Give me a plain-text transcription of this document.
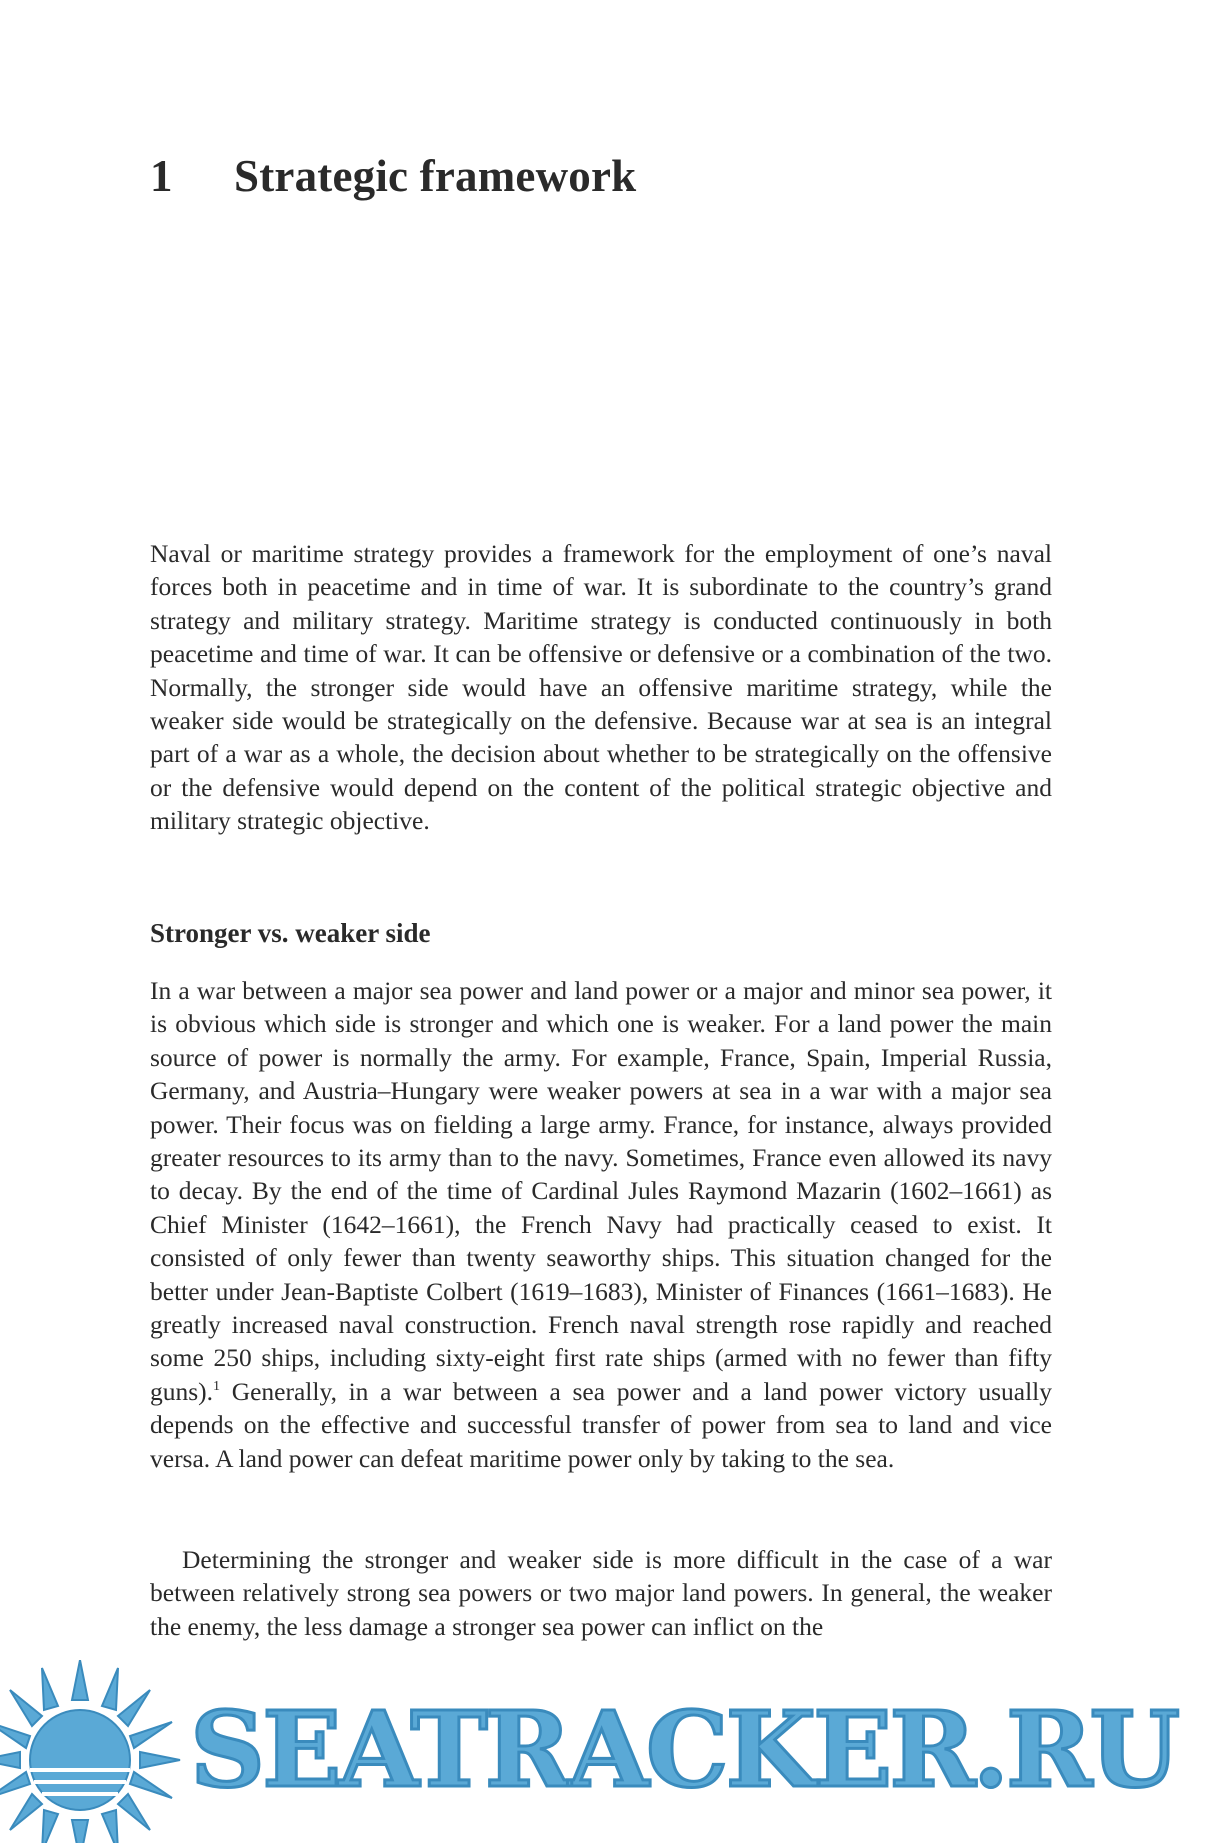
1 Strategic framework

Naval or maritime strategy provides a framework for the employment of one’s naval forces both in peacetime and in time of war. It is subordinate to the country’s grand strategy and military strategy. Maritime strategy is conducted continuously in both peacetime and time of war. It can be offensive or defensive or a combination of the two. Normally, the stronger side would have an offensive maritime strategy, while the weaker side would be strategically on the defensive. Because war at sea is an integral part of a war as a whole, the decision about whether to be strategically on the offensive or the defensive would depend on the content of the political strategic objective and military strategic objective.

Stronger vs. weaker side

In a war between a major sea power and land power or a major and minor sea power, it is obvious which side is stronger and which one is weaker. For a land power the main source of power is normally the army. For example, France, Spain, Imperial Russia, Germany, and Austria–Hungary were weaker powers at sea in a war with a major sea power. Their focus was on fielding a large army. France, for instance, always provided greater resources to its army than to the navy. Sometimes, France even allowed its navy to decay. By the end of the time of Cardinal Jules Raymond Mazarin (1602–1661) as Chief Minister (1642–1661), the French Navy had practically ceased to exist. It consisted of only fewer than twenty seaworthy ships. This situation changed for the better under Jean-Baptiste Colbert (1619–1683), Minister of Finances (1661–1683). He greatly increased naval construction. French naval strength rose rapidly and reached some 250 ships, including sixty-eight first rate ships (armed with no fewer than fifty guns).$^1$ Generally, in a war between a sea power and a land power victory usually depends on the effective and successful transfer of power from sea to land and vice versa. A land power can defeat maritime power only by taking to the sea.

Determining the stronger and weaker side is more difficult in the case of a war between relatively strong sea powers or two major land powers. In general, the weaker the enemy, the less damage a stronger sea power can inflict on the

SEATRACKER.RU
